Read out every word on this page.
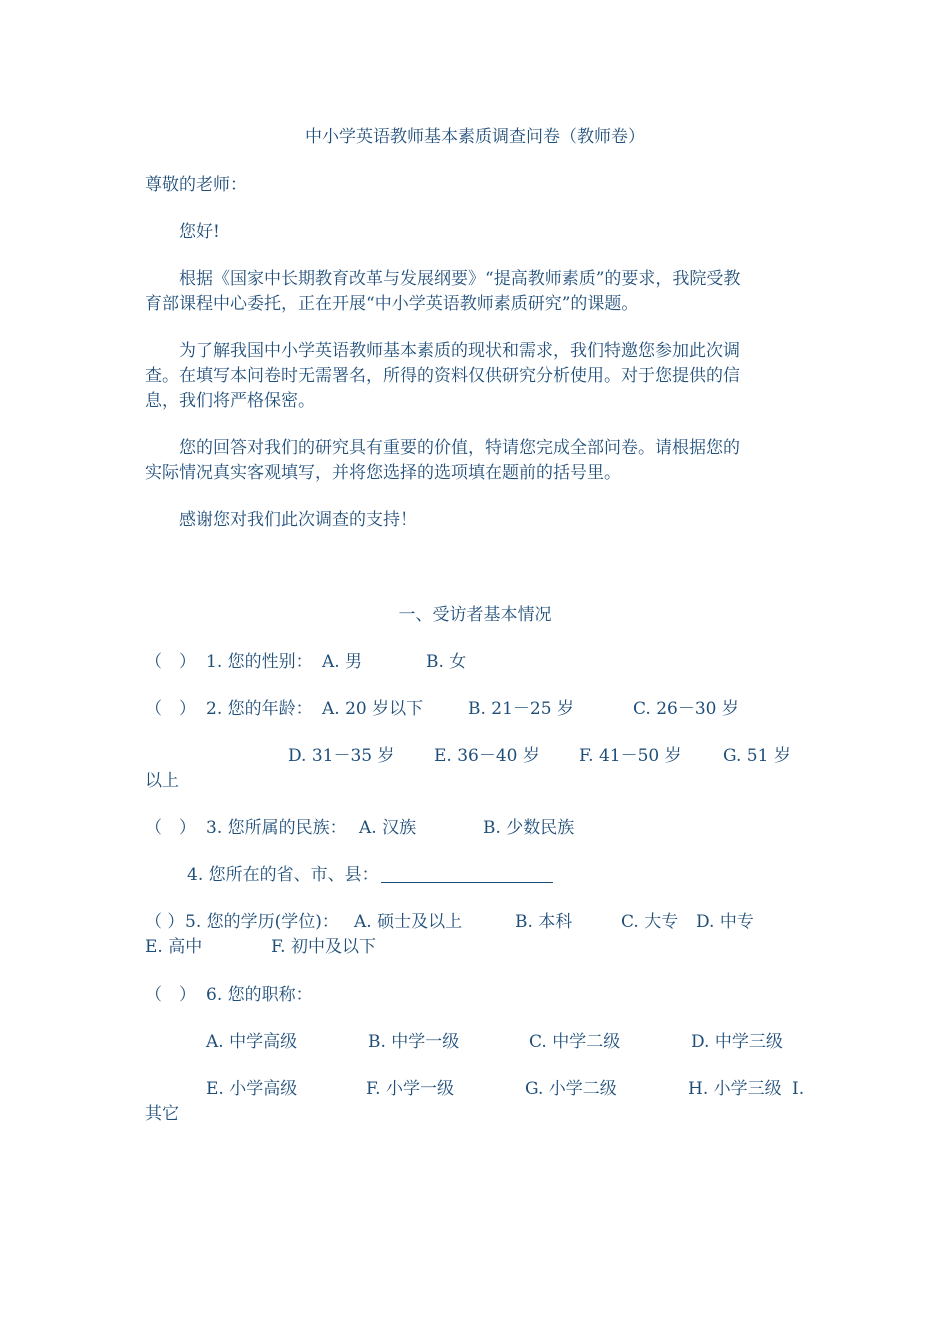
中小学英语教师基本素质调查问卷（教师卷）
尊敬的老师：
您好!
根据《国家中长期教育改革与发展纲要》“提高教师素质”的要求，我院受教
育部课程中心委托，正在开展“中小学英语教师素质研究”的课题。
为了解我国中小学英语教师基本素质的现状和需求，我们特邀您参加此次调
查。在填写本问卷时无需署名，所得的资料仅供研究分析使用。对于您提供的信
息，我们将严格保密。
您的回答对我们的研究具有重要的价值，特请您完成全部问卷。请根据您的
实际情况真实客观填写，并将您选择的选项填在题前的括号里。
感谢您对我们此次调查的支持！
一、受访者基本情况
（　） 1. 您的性别： A. 男	B. 女
（　） 2. 您的年龄： A. 20 岁以下	B. 21－25 岁	C. 26－30 岁
D. 31－35 岁 E. 36－40 岁 F. 41－50 岁 G. 51 岁
以上
（　） 3. 您所属的民族： A. 汉族	B. 少数民族
4. 您所在的省、市、县：
（ ） 5. 您的学历(学位)： A. 硕士及以上	B. 本科	C. 大专 D. 中专
E. 高中	F. 初中及以下
（　） 6. 您的职称：
A. 中学高级	B. 中学一级	C. 中学二级	D. 中学三级
E. 小学高级	F. 小学一级	G. 小学二级	H. 小学三级 I.
其它
